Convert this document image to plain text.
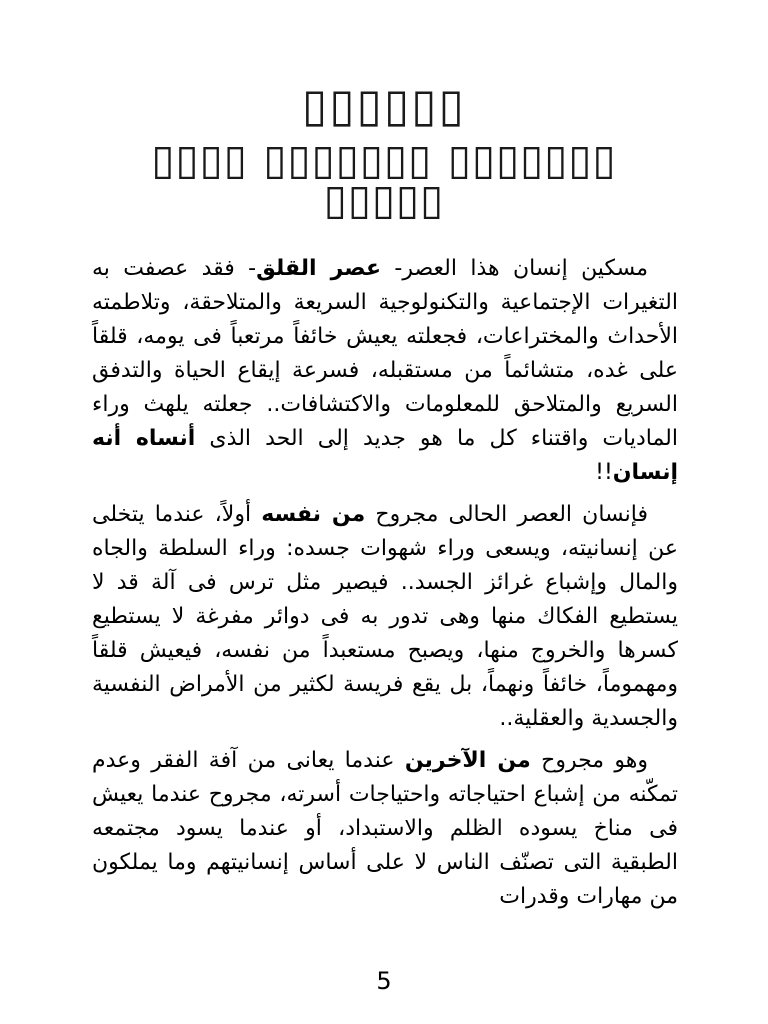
▯▯▯▯▯▯
▯▯▯▯ ▯▯▯▯▯▯▯ ▯▯▯▯▯▯▯ ▯▯▯▯▯

مسكين إنسان هذا العصر- عصر القلق- فقد عصفت به التغيرات الإجتماعية والتكنولوجية السريعة والمتلاحقة، وتلاطمته الأحداث والمختراعات، فجعلته يعيش خائفاً مرتعباً فى يومه، قلقاً على غده، متشائماً من مستقبله، فسرعة إيقاع الحياة والتدفق السريع والمتلاحق للمعلومات والاكتشافات.. جعلته يلهث وراء الماديات واقتناء كل ما هو جديد إلى الحد الذى أنساه أنه إنسان!!

فإنسان العصر الحالى مجروح من نفسه أولاً، عندما يتخلى عن إنسانيته، ويسعى وراء شهوات جسده: وراء السلطة والجاه والمال وإشباع غرائز الجسد.. فيصير مثل ترس فى آلة قد لا يستطيع الفكاك منها وهى تدور به فى دوائر مفرغة لا يستطيع كسرها والخروج منها، ويصبح مستعبداً من نفسه، فيعيش قلقاً ومهموماً، خائفاً ونهماً، بل يقع فريسة لكثير من الأمراض النفسية والجسدية والعقلية..

وهو مجروح من الآخرين عندما يعانى من آفة الفقر وعدم تمكّنه من إشباع احتياجاته واحتياجات أسرته، مجروح عندما يعيش فى مناخ يسوده الظلم والاستبداد، أو عندما يسود مجتمعه الطبقية التى تصنّف الناس لا على أساس إنسانيتهم وما يملكون من مهارات وقدرات

5
